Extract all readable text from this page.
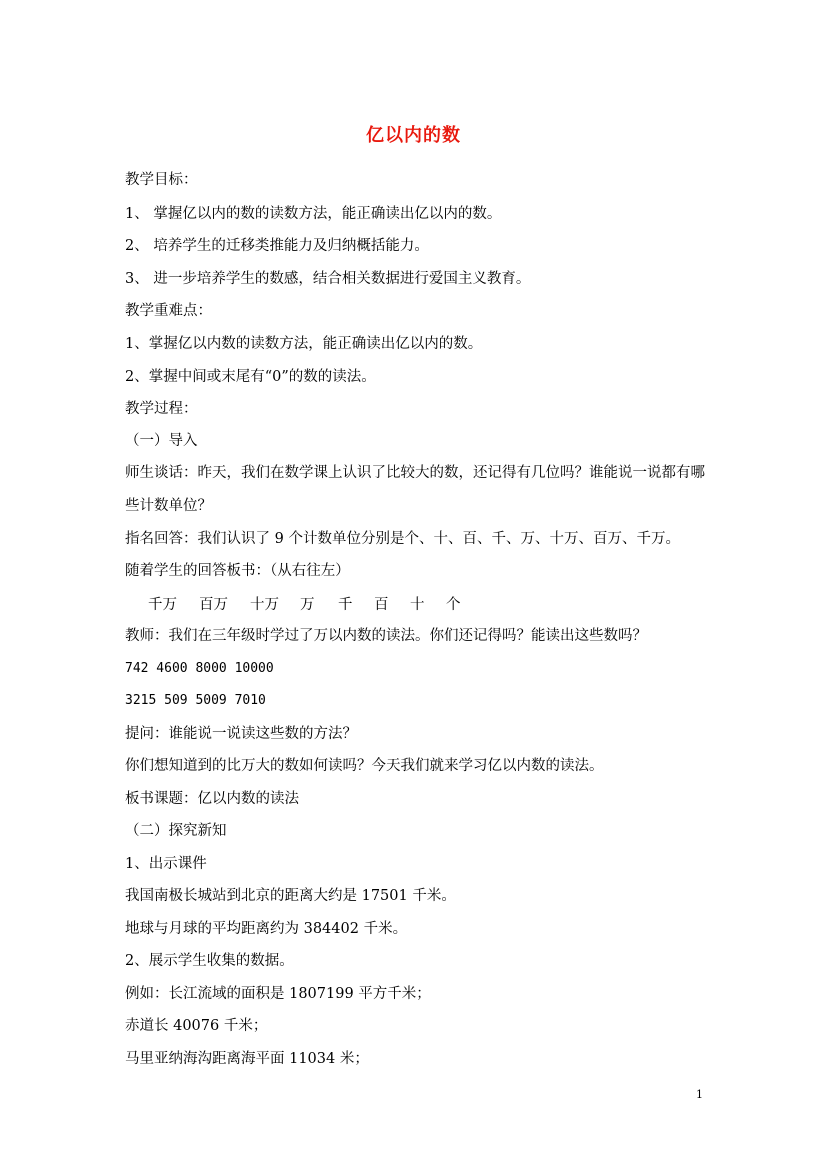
亿以内的数
教学目标：
1、 掌握亿以内的数的读数方法，能正确读出亿以内的数。
2、 培养学生的迁移类推能力及归纳概括能力。
3、 进一步培养学生的数感，结合相关数据进行爱国主义教育。
教学重难点：
1、掌握亿以内数的读数方法，能正确读出亿以内的数。
2、掌握中间或末尾有“0”的数的读法。
教学过程：
（一）导入
师生谈话：昨天，我们在数学课上认识了比较大的数，还记得有几位吗？谁能说一说都有哪
些计数单位？
指名回答：我们认识了 9 个计数单位分别是个、十、百、千、万、十万、百万、千万。
随着学生的回答板书：（从右往左）
千万 百万 十万 万 千 百 十 个
教师：我们在三年级时学过了万以内数的读法。你们还记得吗？能读出这些数吗？
742 4600 8000 10000
3215 509 5009 7010
提问：谁能说一说读这些数的方法？
你们想知道到的比万大的数如何读吗？今天我们就来学习亿以内数的读法。
板书课题：亿以内数的读法
（二）探究新知
1、出示课件
我国南极长城站到北京的距离大约是 17501 千米。
地球与月球的平均距离约为 384402 千米。
2、展示学生收集的数据。
例如：长江流域的面积是 1807199 平方千米；
赤道长 40076 千米；
马里亚纳海沟距离海平面 11034 米；
1
